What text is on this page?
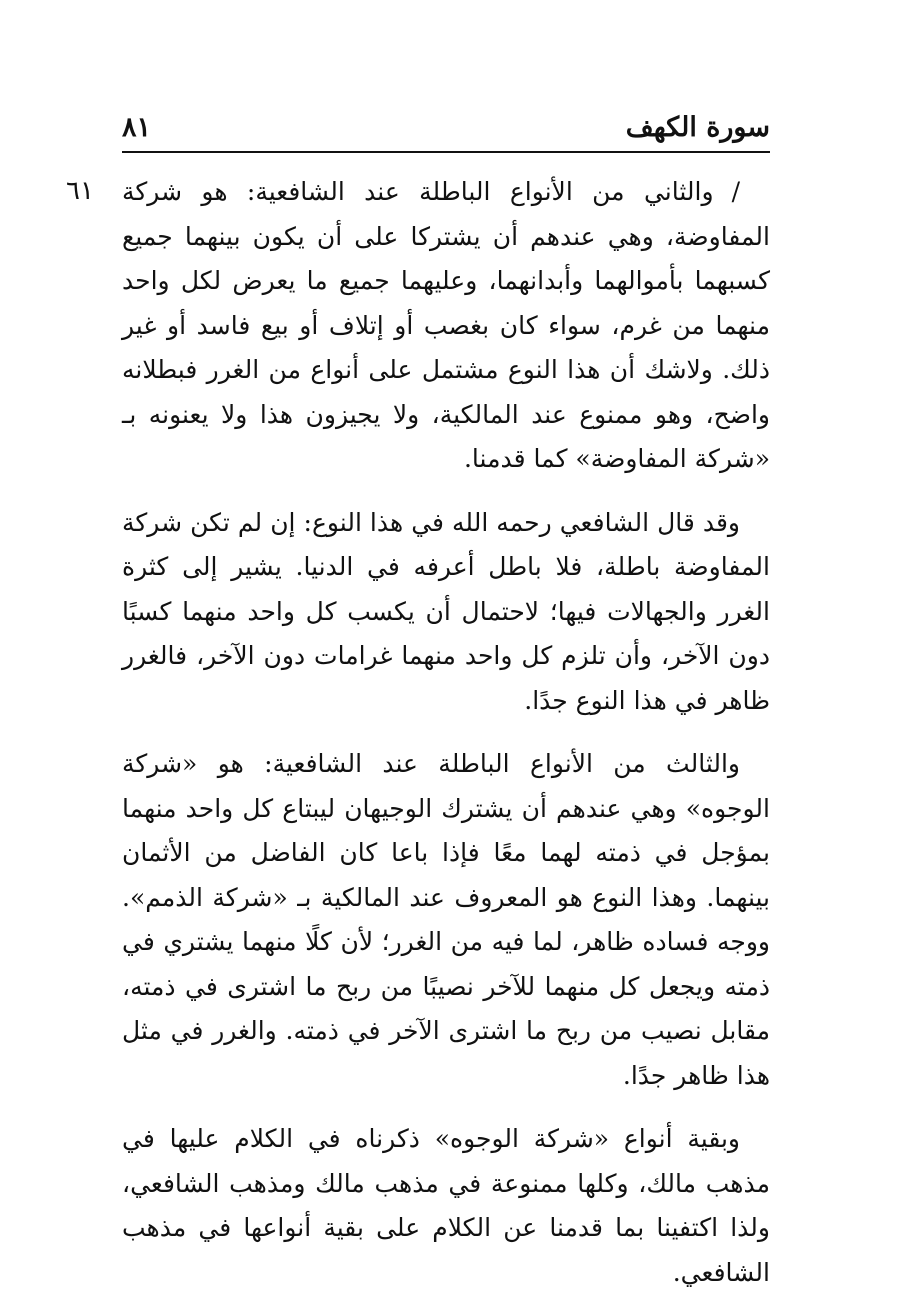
سورة الكهف
٨١
٦١	/والثاني من الأنواع الباطلة عند الشافعية: هو شركة المفاوضة، وهي عندهم أن يشتركا على أن يكون بينهما جميع كسبهما بأموالهما وأبدانهما، وعليهما جميع ما يعرض لكل واحد منهما من غرم، سواء كان بغصب أو إتلاف أو بيع فاسد أو غير ذلك. ولاشك أن هذا النوع مشتمل على أنواع من الغرر فبطلانه واضح، وهو ممنوع عند المالكية، ولا يجيزون هذا ولا يعنونه بـ «شركة المفاوضة» كما قدمنا.

وقد قال الشافعي رحمه الله في هذا النوع: إن لم تكن شركة المفاوضة باطلة، فلا باطل أعرفه في الدنيا. يشير إلى كثرة الغرر والجهالات فيها؛ لاحتمال أن يكسب كل واحد منهما كسبًا دون الآخر، وأن تلزم كل واحد منهما غرامات دون الآخر، فالغرر ظاهر في هذا النوع جدًا.

والثالث من الأنواع الباطلة عند الشافعية: هو «شركة الوجوه» وهي عندهم أن يشترك الوجيهان ليبتاع كل واحد منهما بمؤجل في ذمته لهما معًا فإذا باعا كان الفاضل من الأثمان بينهما. وهذا النوع هو المعروف عند المالكية بـ «شركة الذمم». ووجه فساده ظاهر، لما فيه من الغرر؛ لأن كلًا منهما يشتري في ذمته ويجعل كل منهما للآخر نصيبًا من ربح ما اشترى في ذمته، مقابل نصيب من ربح ما اشترى الآخر في ذمته. والغرر في مثل هذا ظاهر جدًا.

وبقية أنواع «شركة الوجوه» ذكرناه في الكلام عليها في مذهب مالك، وكلها ممنوعة في مذهب مالك ومذهب الشافعي، ولذا اكتفينا بما قدمنا عن الكلام على بقية أنواعها في مذهب الشافعي.
